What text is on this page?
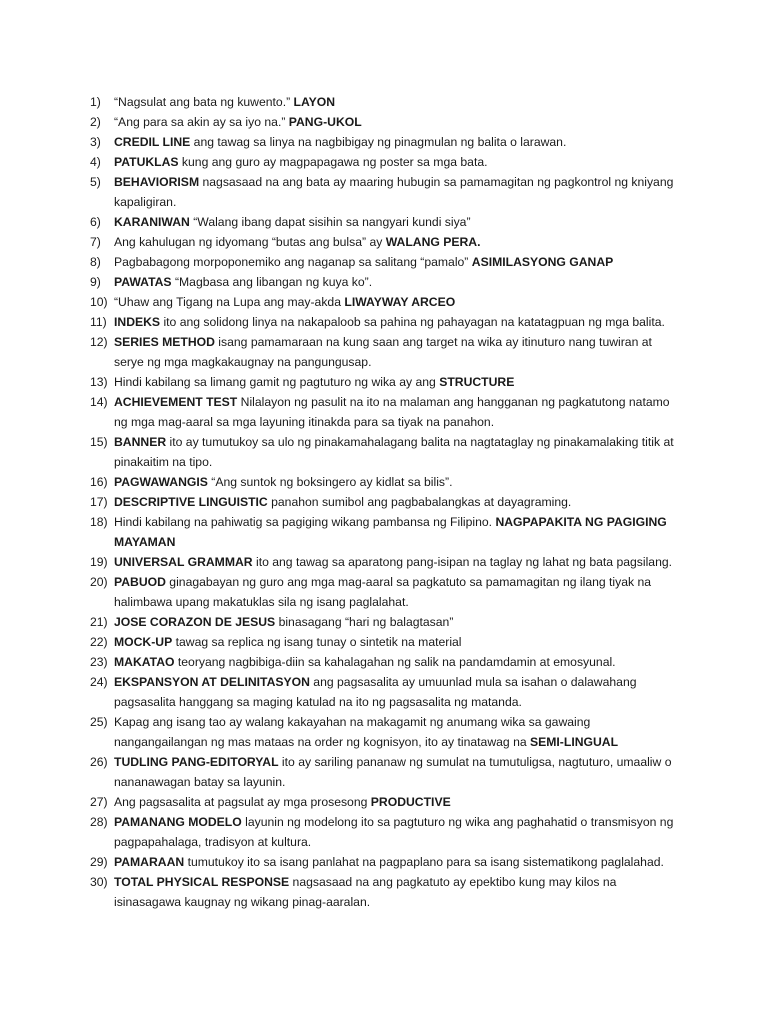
1)	“Nagsulat ang bata ng kuwento.” LAYON
2)	“Ang para sa akin ay sa iyo na.” PANG-UKOL
3)	CREDIL LINE ang tawag sa linya na nagbibigay ng pinagmulan ng balita o larawan.
4)	PATUKLAS kung ang guro ay magpapagawa ng poster sa mga bata.
5)	BEHAVIORISM nagsasaad na ang bata ay maaring hubugin sa pamamagitan ng pagkontrol ng kniyang kapaligiran.
6)	KARANIWAN “Walang ibang dapat sisihin sa nangyari kundi siya”
7)	Ang kahulugan ng idyomang “butas ang bulsa” ay WALANG PERA.
8)	Pagbabagong morpoponemiko ang naganap sa salitang “pamalo” ASIMILASYONG GANAP
9)	PAWATAS “Magbasa ang libangan ng kuya ko”.
10) “Uhaw ang Tigang na Lupa ang may-akda LIWAYWAY ARCEO
11) INDEKS ito ang solidong linya na nakapaloob sa pahina ng pahayagan na katatagpuan ng mga balita.
12) SERIES METHOD isang pamamaraan na kung saan ang target na wika ay itinuturo nang tuwiran at serye ng mga magkakaugnay na pangungusap.
13) Hindi kabilang sa limang gamit ng pagtuturo ng wika ay ang STRUCTURE
14) ACHIEVEMENT TEST Nilalayon ng pasulit na ito na malaman ang hangganan ng pagkatutong natamo ng mga mag-aaral sa mga layuning itinakda para sa tiyak na panahon.
15) BANNER ito ay tumutukoy sa ulo ng pinakamahalagang balita na nagtataglay ng pinakamalaking titik at pinakaitim na tipo.
16) PAGWAWANGIS “Ang suntok ng boksingero ay kidlat sa bilis”.
17) DESCRIPTIVE LINGUISTIC panahon sumibol ang pagbabalangkas at dayagraming.
18) Hindi kabilang na pahiwatig sa pagiging wikang pambansa ng Filipino. NAGPAPAKITA NG PAGIGING MAYAMAN
19) UNIVERSAL GRAMMAR ito ang tawag sa aparatong pang-isipan na taglay ng lahat ng bata pagsilang.
20) PABUOD ginagabayan ng guro ang mga mag-aaral sa pagkatuto sa pamamagitan ng ilang tiyak na halimbawa upang makatuklas sila ng isang paglalahat.
21) JOSE CORAZON DE JESUS binasagang “hari ng balagtasan”
22) MOCK-UP tawag sa replica ng isang tunay o sintetik na material
23) MAKATAO teoryang nagbibiga-diin sa kahalagahan ng salik na pandamdamin at emosyunal.
24) EKSPANSYON AT DELINITASYON ang pagsasalita ay umuunlad mula sa isahan o dalawahang pagsasalita hanggang sa maging katulad na ito ng pagsasalita ng matanda.
25) Kapag ang isang tao ay walang kakayahan na makagamit ng anumang wika sa gawaing nangangailangan ng mas mataas na order ng kognisyon, ito ay tinatawag na SEMI-LINGUAL
26) TUDLING PANG-EDITORYAL ito ay sariling pananaw ng sumulat na tumutuligsa, nagtuturo, umaaliw o nananawagan batay sa layunin.
27) Ang pagsasalita at pagsulat ay mga prosesong PRODUCTIVE
28) PAMANANG MODELO layunin ng modelong ito sa pagtuturo ng wika ang paghahatid o transmisyon ng pagpapahalaga, tradisyon at kultura.
29) PAMARAAN tumutukoy ito sa isang panlahat na pagpaplano para sa isang sistematikong paglalahad.
30) TOTAL PHYSICAL RESPONSE nagsasaad na ang pagkatuto ay epektibo kung may kilos na isinasagawa kaugnay ng wikang pinag-aaralan.
